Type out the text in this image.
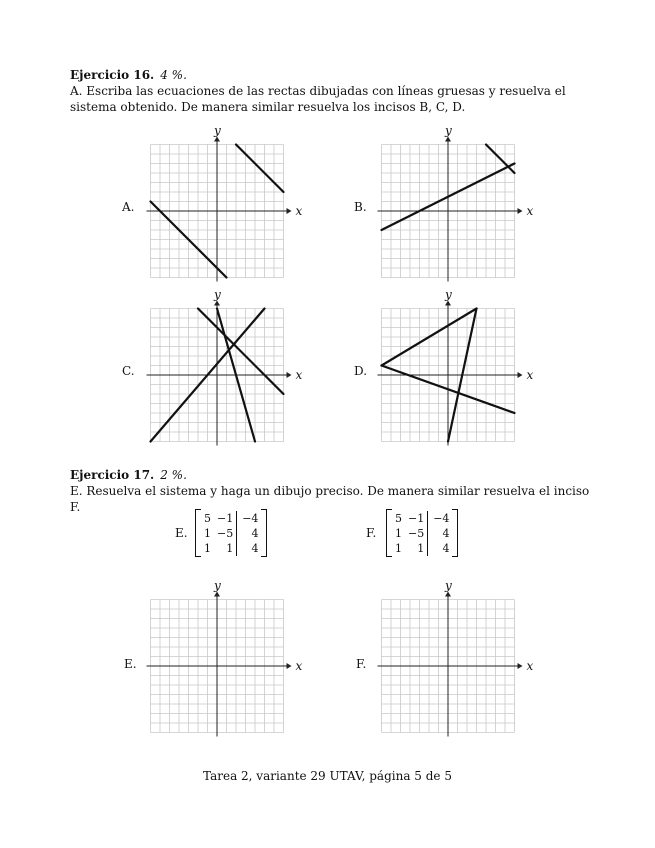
Ejercicio 16. 4 %.
A. Escriba las ecuaciones de las rectas dibujadas con líneas gruesas y resuelva el sistema obtenido. De manera similar resuelva los incisos B, C, D.
A.	B.
C.	D.
x
y
x
y
x
y
x
y
Ejercicio 17. 2 %.
E. Resuelva el sistema y haga un dibujo preciso. De manera similar resuelva el inciso F.
E.
5	−1	−4
1	−5	4
1	1	4
F.
5	−1	−4
1	−5	4
1	1	4
E.	F.
x
y
x
y
Tarea 2, variante 29 UTAV, página 5 de 5
